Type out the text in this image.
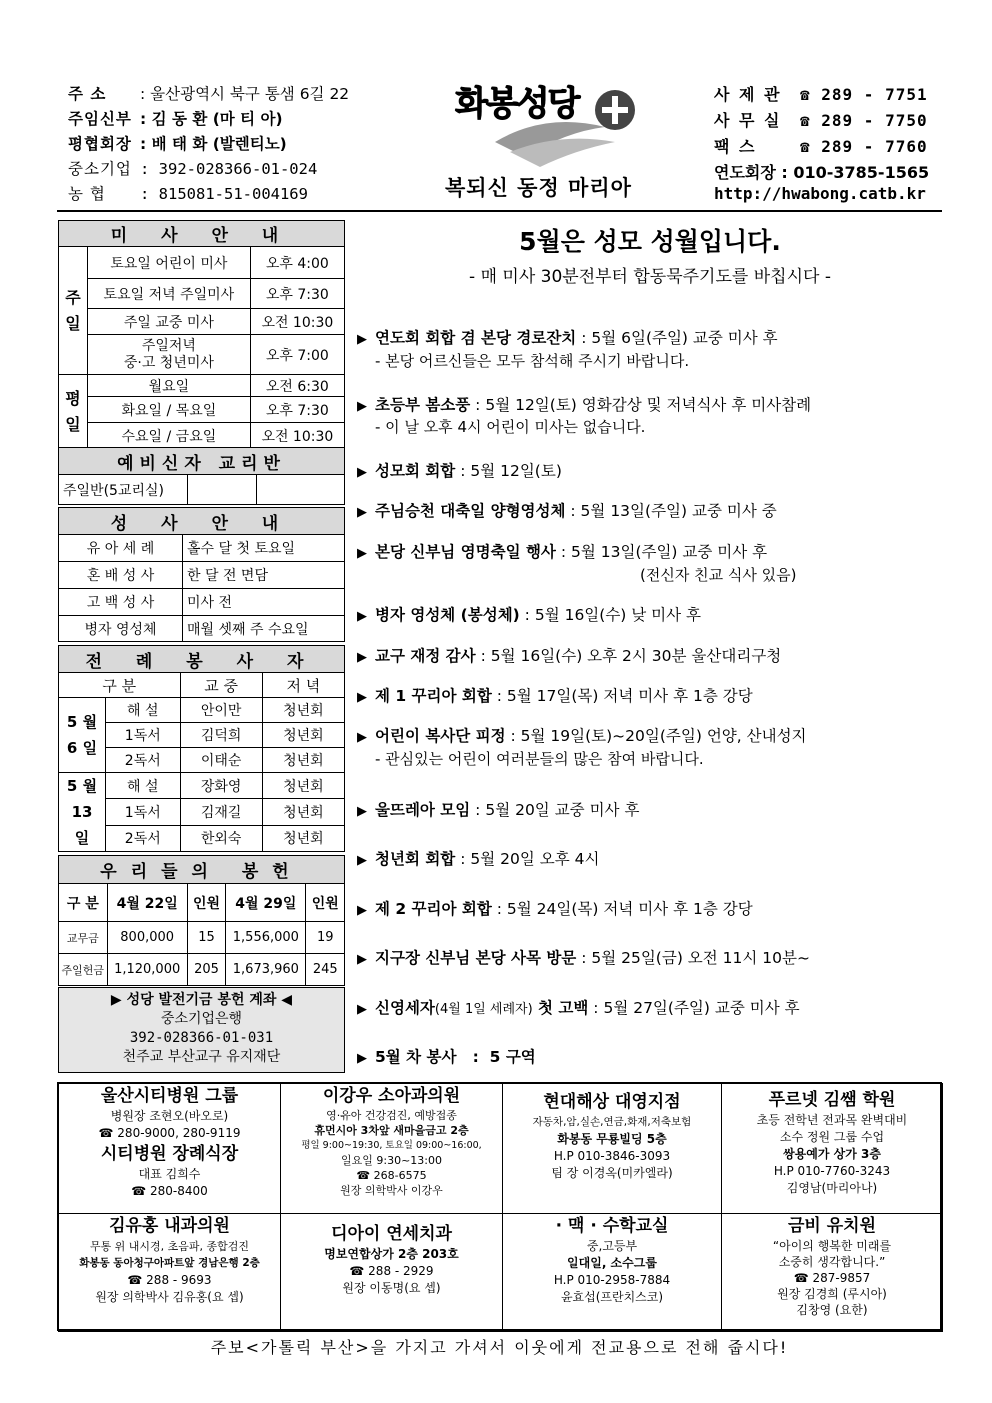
주 소 : 울산광역시 북구 통샘 6길 22
주임신부 : 김 동 환 (마 티 아)
평협회장 : 배 태 화 (발렌티노)
중소기업 : 392-028366-01-024
농 협 : 815081-51-004169
화봉성당
복되신 동정 마리아
사 제 관 ☎ 289 - 7751
사 무 실 ☎ 289 - 7750
팩 스	☎ 289 - 7760
연도회장 : 010-3785-1565
http://hwabong.catb.kr
미 사 안 내		
주일	토요일 어린이 미사	오후 4:00
	토요일 저녁 주일미사	오후 7:30
	주일 교중 미사	오전 10:30
	주일저녁
중·고 청년미사	오후 7:00
평일	월요일	오전 6:30
	화요일 / 목요일	오후 7:30
	수요일 / 금요일	오전 10:30
예비신자 교리반
주일반(5교리실)		
성 사 안 내	
유 아 세 례	홀수 달 첫 토요일
혼 배 성 사	한 달 전 면담
고 백 성 사	미사 전
병자 영성체	매월 셋째 주 수요일
전 례 봉 사 자			
구 분		교 중	저 녁
5 월
6 일	해 설	안이만	청년회
	1독서	김덕희	청년회
	2독서	이태순	청년회
5 월
13 일	해 설	장화영	청년회
	1독서	김재길	청년회
	2독서	한외숙	청년회
우리들의 봉헌				
구 분	4월 22일	인원	4월 29일	인원
교무금	800,000	15	1,556,000	19
주일헌금	1,120,000	205	1,673,960	245
▶ 성당 발전기금 봉헌 계좌 ◀
중소기업은행
392-028366-01-031
천주교 부산교구 유지재단
5월은 성모 성월입니다.
- 매 미사 30분전부터 합동묵주기도를 바칩시다 -
▶ 연도회 회합 겸 본당 경로잔치 : 5월 6일(주일) 교중 미사 후
- 본당 어르신들은 모두 참석해 주시기 바랍니다.
▶ 초등부 봄소풍 : 5월 12일(토) 영화감상 및 저녁식사 후 미사참례
- 이 날 오후 4시 어린이 미사는 없습니다.
▶ 성모회 회합 : 5월 12일(토)
▶ 주님승천 대축일 양형영성체 : 5월 13일(주일) 교중 미사 중
▶ 본당 신부님 영명축일 행사 : 5월 13일(주일) 교중 미사 후
(전신자 친교 식사 있음)
▶ 병자 영성체 (봉성체) : 5월 16일(수) 낮 미사 후
▶ 교구 재정 감사 : 5월 16일(수) 오후 2시 30분 울산대리구청
▶ 제 1 꾸리아 회합 : 5월 17일(목) 저녁 미사 후 1층 강당
▶ 어린이 복사단 피정 : 5월 19일(토)~20일(주일) 언양, 산내성지
- 관심있는 어린이 여러분들의 많은 참여 바랍니다.
▶ 울뜨레아 모임 : 5월 20일 교중 미사 후
▶ 청년회 회합 : 5월 20일 오후 4시
▶ 제 2 꾸리아 회합 : 5월 24일(목) 저녁 미사 후 1층 강당
▶ 지구장 신부님 본당 사목 방문 : 5월 25일(금) 오전 11시 10분~
▶ 신영세자(4월 1일 세례자) 첫 고백 : 5월 27일(주일) 교중 미사 후
▶ 5월 차 봉사   :  5 구역
울산시티병원 그룹
병원장 조현오(바오로)
☎ 280-9000, 280-9119
시티병원 장례식장
대표 김희수
☎ 280-8400
이강우 소아과의원
영·유아 건강검진, 예방접종
휴먼시아 3차앞 새마을금고 2층
평일 9:00~19:30, 토요일 09:00~16:00,
일요일 9:30~13:00
☎ 268-6575
원장 의학박사 이강우
현대해상 대영지점
자동차,암,실손,연금,화재,저축보험
화봉동 무룡빌딩 5층
H.P 010-3846-3093
팀 장 이경옥(미카엘라)
푸르넷 김쌤 학원
초등 전학년 전과목 완벽대비
소수 정원 그룹 수업
쌍용예가 상가 3층
H.P 010-7760-3243
김영남(마리아나)
김유홍 내과의원
무통 위 내시경, 초음파, 종합검진
화봉동 동아청구아파트앞 경남은행 2층
☎ 288 - 9693
원장 의학박사 김유홍(요 셉)
디아이 연세치과
명보연합상가 2층 203호
☎ 288 - 2929
원장 이동명(요 셉)
· 맥 · 수학교실
중,고등부
일대일, 소수그룹
H.P 010-2958-7884
윤효섭(프란치스코)
금비 유치원
“아이의 행복한 미래를
소중히 생각합니다.”
☎ 287-9857
원장 김경희 (루시아)
김창영 (요한)
주보<가톨릭 부산>을 가지고 가셔서 이웃에게 전교용으로 전해 줍시다!
